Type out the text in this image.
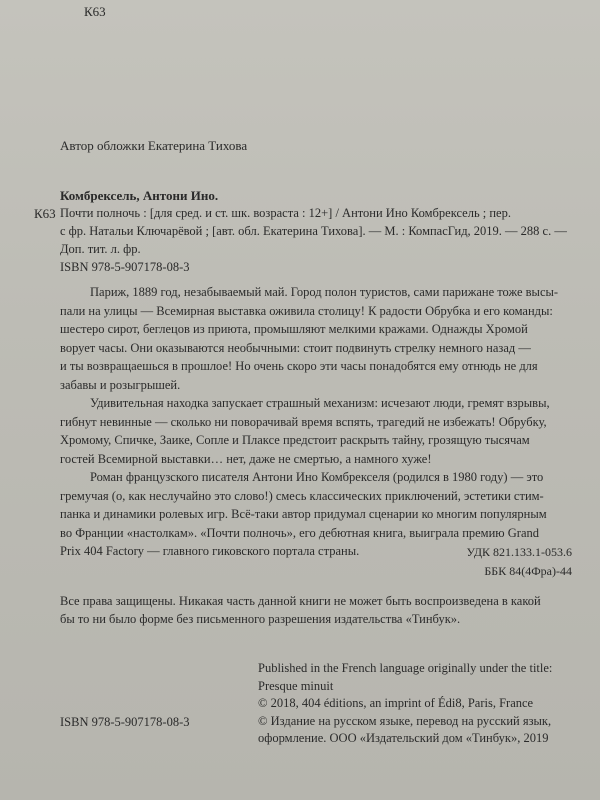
К63
Автор обложки Екатерина Тихова
Комбрексель, Антони Ино.
К63 Почти полночь : [для сред. и ст. шк. возраста : 12+] / Антони Ино Комбрексель ; пер.
с фр. Натальи Ключарёвой ; [авт. обл. Екатерина Тихова]. — М. : КомпасГид, 2019. — 288 с. —
Доп. тит. л. фр.
ISBN 978-5-907178-08-3

Париж, 1889 год, незабываемый май. Город полон туристов, сами парижане тоже высы-
пали на улицы — Всемирная выставка оживила столицу! К радости Обрубка и его команды:
шестеро сирот, беглецов из приюта, промышляют мелкими кражами. Однажды Хромой
ворует часы. Они оказываются необычными: стоит подвинуть стрелку немного назад —
и ты возвращаешься в прошлое! Но очень скоро эти часы понадобятся ему отнюдь не для
забавы и розыгрышей.

Удивительная находка запускает страшный механизм: исчезают люди, гремят взрывы,
гибнут невинные — сколько ни поворачивай время вспять, трагедий не избежать! Обрубку,
Хромому, Спичке, Заике, Сопле и Плаксе предстоит раскрыть тайну, грозящую тысячам
гостей Всемирной выставки… нет, даже не смертью, а намного хуже!

Роман французского писателя Антони Ино Комбрекселя (родился в 1980 году) — это
гремучая (о, как неслучайно это слово!) смесь классических приключений, эстетики стим-
панка и динамики ролевых игр. Всё-таки автор придумал сценарии ко многим популярным
во Франции «настолкам». «Почти полночь», его дебютная книга, выиграла премию Grand
Prix 404 Factory — главного гиковского портала страны.	УДК 821.133.1-053.6
ББК 84(4Фра)-44
Все права защищены. Никакая часть данной книги не может быть воспроизведена в какой
бы то ни было форме без письменного разрешения издательства «Тинбук».
Published in the French language originally under the title:
Presque minuit
© 2018, 404 éditions, an imprint of Édi8, Paris, France
© Издание на русском языке, перевод на русский язык,
оформление. ООО «Издательский дом «Тинбук», 2019
ISBN 978-5-907178-08-3
